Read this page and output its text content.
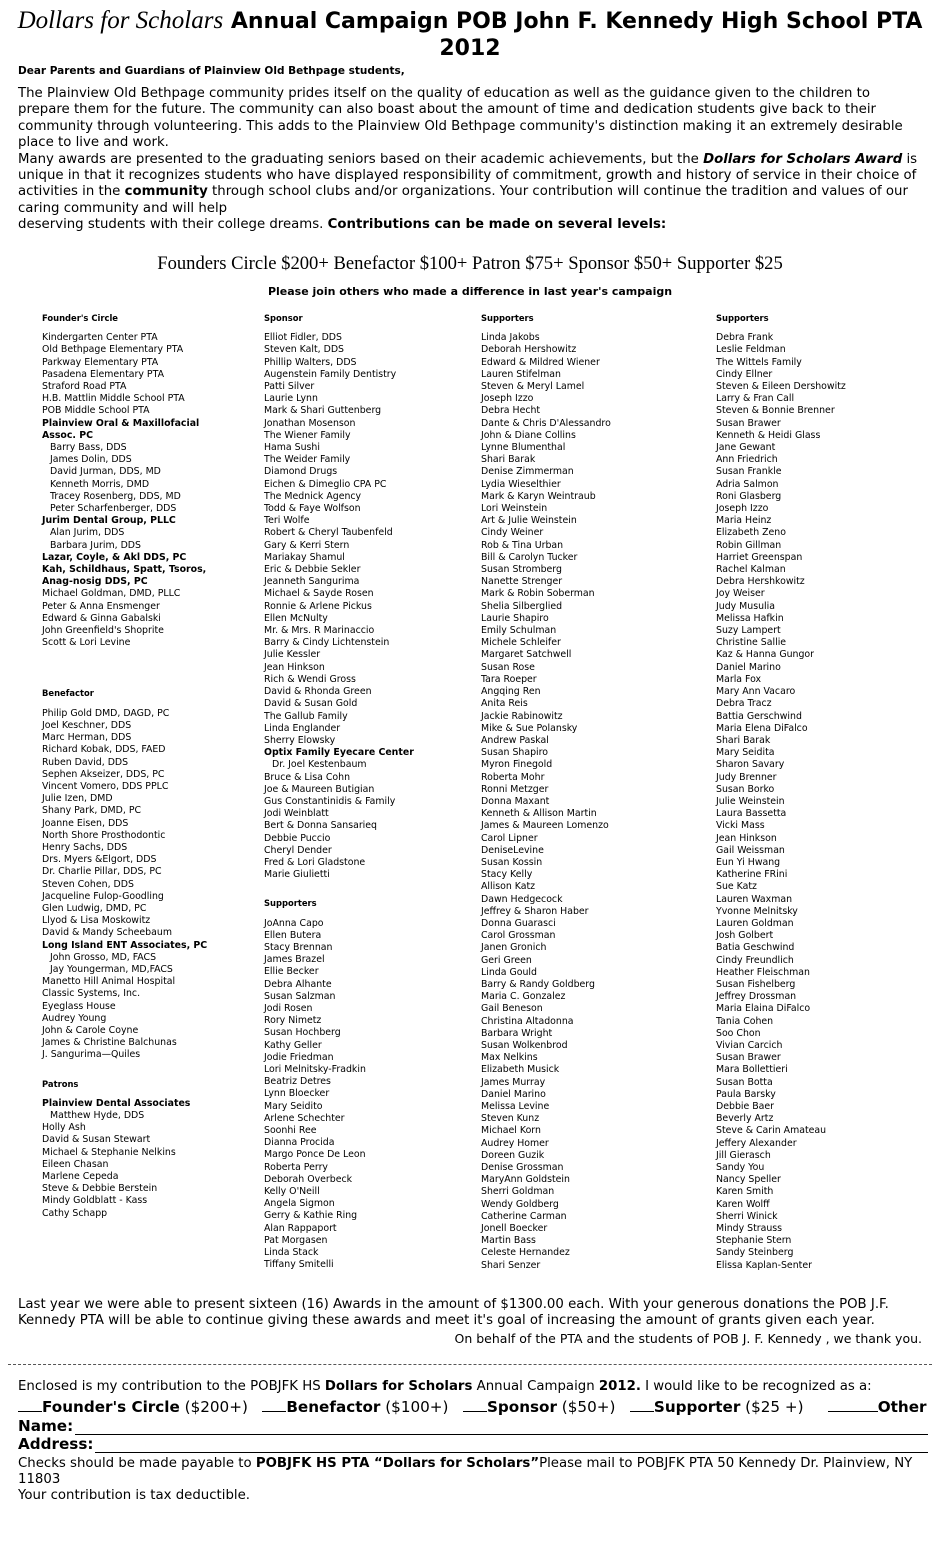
Dollars for Scholars Annual Campaign POB John F. Kennedy High School PTA
2012
Dear Parents and Guardians of Plainview Old Bethpage students,

The Plainview Old Bethpage community prides itself on the quality of education as well as the guidance given to the children to prepare them for the future. The community can also boast about the amount of time and dedication students give back to their community through volunteering. This adds to the Plainview Old Bethpage community's distinction making it an extremely desirable place to live and work.

Many awards are presented to the graduating seniors based on their academic achievements, but the Dollars for Scholars Award is unique in that it recognizes students who have displayed responsibility of commitment, growth and history of service in their choice of activities in the community through school clubs and/or organizations. Your contribution will continue the tradition and values of our caring community and will help

deserving students with their college dreams. Contributions can be made on several levels:

Founders Circle $200+ Benefactor $100+ Patron $75+ Sponsor $50+ Supporter $25
Please join others who made a difference in last year's campaign
Founder's Circle
Kindergarten Center PTA
Old Bethpage Elementary PTA
Parkway Elementary PTA
Pasadena Elementary PTA
Straford Road PTA
H.B. Mattlin Middle School PTA
POB Middle School PTA
Plainview Oral & Maxillofacial Assoc. PC
Barry Bass, DDS
James Dolin, DDS
David Jurman, DDS, MD
Kenneth Morris, DMD
Tracey Rosenberg, DDS, MD
Peter Scharfenberger, DDS
Jurim Dental Group, PLLC
Alan Jurim, DDS
Barbara Jurim, DDS
Lazar, Coyle, & Akl DDS, PC
Kah, Schildhaus, Spatt, Tsoros, Anag-nosig DDS, PC
Michael Goldman, DMD, PLLC
Peter & Anna Ensmenger
Edward & Ginna Gabalski
John Greenfield's Shoprite
Scott & Lori Levine
Benefactor
Philip Gold DMD, DAGD, PC
Joel Keschner, DDS
Marc Herman, DDS
Richard Kobak, DDS, FAED
Ruben David, DDS
Sephen Akseizer, DDS, PC
Vincent Vomero, DDS PPLC
Julie Izen, DMD
Shany Park, DMD, PC
Joanne Eisen, DDS
North Shore Prosthodontic
Henry Sachs, DDS
Drs. Myers &Elgort, DDS
Dr. Charlie Pillar, DDS, PC
Steven Cohen, DDS
Jacqueline Fulop-Goodling
Glen Ludwig, DMD, PC
Llyod & Lisa Moskowitz
David & Mandy Scheebaum
Long Island ENT Associates, PC
John Grosso, MD, FACS
Jay Youngerman, MD,FACS
Manetto Hill Animal Hospital
Classic Systems, Inc.
Eyeglass House
Audrey Young
John & Carole Coyne
James & Christine Balchunas
J. Sangurima—Quiles
Patrons
Plainview Dental Associates
Matthew Hyde, DDS
Holly Ash
David & Susan Stewart
Michael & Stephanie Nelkins
Eileen Chasan
Marlene Cepeda
Steve & Debbie Berstein
Mindy Goldblatt - Kass
Cathy Schapp
Sponsor
Elliot Fidler, DDS
Steven Kalt, DDS
Phillip Walters, DDS
Augenstein Family Dentistry
Patti Silver
Laurie Lynn
Mark & Shari Guttenberg
Jonathan Mosenson
The Wiener Family
Hama Sushi
The Weider Family
Diamond Drugs
Eichen & Dimeglio CPA PC
The Mednick Agency
Todd & Faye Wolfson
Teri Wolfe
Robert & Cheryl Taubenfeld
Gary & Kerri Stern
Mariakay Shamul
Eric & Debbie Sekler
Jeanneth Sangurima
Michael & Sayde Rosen
Ronnie & Arlene Pickus
Ellen McNulty
Mr. & Mrs. R Marinaccio
Barry & Cindy Lichtenstein
Julie Kessler
Jean Hinkson
Rich & Wendi Gross
David & Rhonda Green
David & Susan Gold
The Gallub Family
Linda Englander
Sherry Elowsky
Optix Family Eyecare Center
Dr. Joel Kestenbaum
Bruce & Lisa Cohn
Joe & Maureen Butigian
Gus Constantinidis & Family
Jodi Weinblatt
Bert & Donna Sansarieq
Debbie Puccio
Cheryl Dender
Fred & Lori Gladstone
Marie Giulietti
Supporters
JoAnna Capo
Ellen Butera
Stacy Brennan
James Brazel
Ellie Becker
Debra Alhante
Susan Salzman
Jodi Rosen
Rory Nimetz
Susan Hochberg
Kathy Geller
Jodie Friedman
Lori Melnitsky-Fradkin
Beatriz Detres
Lynn Bloecker
Mary Seidito
Arlene Schechter
Soonhi Ree
Dianna Procida
Margo Ponce De Leon
Roberta Perry
Deborah Overbeck
Kelly O'Neill
Angela Sigmon
Gerry & Kathie Ring
Alan Rappaport
Pat Morgasen
Linda Stack
Tiffany Smitelli
Supporters
Linda Jakobs
Deborah Hershowitz
Edward & Mildred Wiener
Lauren Stifelman
Steven & Meryl Lamel
Joseph Izzo
Debra Hecht
Dante & Chris D'Alessandro
John & Diane Collins
Lynne Blumenthal
Shari Barak
Denise Zimmerman
Lydia Wieselthier
Mark & Karyn Weintraub
Lori Weinstein
Art & Julie Weinstein
Cindy Weiner
Rob & Tina Urban
Bill & Carolyn Tucker
Susan Stromberg
Nanette Strenger
Mark & Robin Soberman
Shelia Silberglied
Laurie Shapiro
Emily Schulman
Michele Schleifer
Margaret Satchwell
Susan Rose
Tara Roeper
Angqing Ren
Anita Reis
Jackie Rabinowitz
Mike & Sue Polansky
Andrew Paskal
Susan Shapiro
Myron Finegold
Roberta Mohr
Ronni Metzger
Donna Maxant
Kenneth & Allison Martin
James & Maureen Lomenzo
Carol Lipner
DeniseLevine
Susan Kossin
Stacy Kelly
Allison Katz
Dawn Hedgecock
Jeffrey & Sharon Haber
Donna Guarasci
Carol Grossman
Janen Gronich
Geri Green
Linda Gould
Barry & Randy Goldberg
Maria C. Gonzalez
Gail Beneson
Christina Altadonna
Barbara Wright
Susan Wolkenbrod
Max Nelkins
Elizabeth Musick
James Murray
Daniel Marino
Melissa Levine
Steven Kunz
Michael Korn
Audrey Homer
Doreen Guzik
Denise Grossman
MaryAnn Goldstein
Sherri Goldman
Wendy Goldberg
Catherine Carman
Jonell Boecker
Martin Bass
Celeste Hernandez
Shari Senzer
Supporters
Debra Frank
Leslie Feldman
The Wittels Family
Cindy Ellner
Steven & Eileen Dershowitz
Larry & Fran Call
Steven & Bonnie Brenner
Susan Brawer
Kenneth & Heidi Glass
Jane Gewant
Ann Friedrich
Susan Frankle
Adria Salmon
Roni Glasberg
Joseph Izzo
Maria Heinz
Elizabeth Zeno
Robin Gillman
Harriet Greenspan
Rachel Kalman
Debra Hershkowitz
Joy Weiser
Judy Musulia
Melissa Hafkin
Suzy Lampert
Christine Sallie
Kaz & Hanna Gungor
Daniel Marino
Marla Fox
Mary Ann Vacaro
Debra Tracz
Battia Gerschwind
Maria Elena DiFalco
Shari Barak
Mary Seidita
Sharon Savary
Judy Brenner
Susan Borko
Julie Weinstein
Laura Bassetta
Vicki Mass
Jean Hinkson
Gail Weissman
Eun Yi Hwang
Katherine FRini
Sue Katz
Lauren Waxman
Yvonne Melnitsky
Lauren Goldman
Josh Golbert
Batia Geschwind
Cindy Freundlich
Heather Fleischman
Susan Fishelberg
Jeffrey Drossman
Maria Elaina DiFalco
Tania Cohen
Soo Chon
Vivian Carcich
Susan Brawer
Mara Bollettieri
Susan Botta
Paula Barsky
Debbie Baer
Beverly Artz
Steve & Carin Amateau
Jeffery Alexander
Jill Gierasch
Sandy You
Nancy Speller
Karen Smith
Karen Wolff
Sherri Winick
Mindy Strauss
Stephanie Stern
Sandy Steinberg
Elissa Kaplan-Senter

Last year we were able to present sixteen (16) Awards in the amount of $1300.00 each. With your generous donations the POB J.F. Kennedy PTA will be able to continue giving these awards and meet it's goal of increasing the amount of grants given each year.

On behalf of the PTA and the students of POB J. F. Kennedy , we thank you.
Enclosed is my contribution to the POBJFK HS Dollars for Scholars Annual Campaign 2012. I would like to be recognized as a:
Founder's Circle ($200+)	Benefactor ($100+)	Sponsor ($50+)	Supporter ($25 +)	Other
Name:
Address:
Checks should be made payable to POBJFK HS PTA “Dollars for Scholars”Please mail to POBJFK PTA 50 Kennedy Dr. Plainview, NY 11803
Your contribution is tax deductible.
